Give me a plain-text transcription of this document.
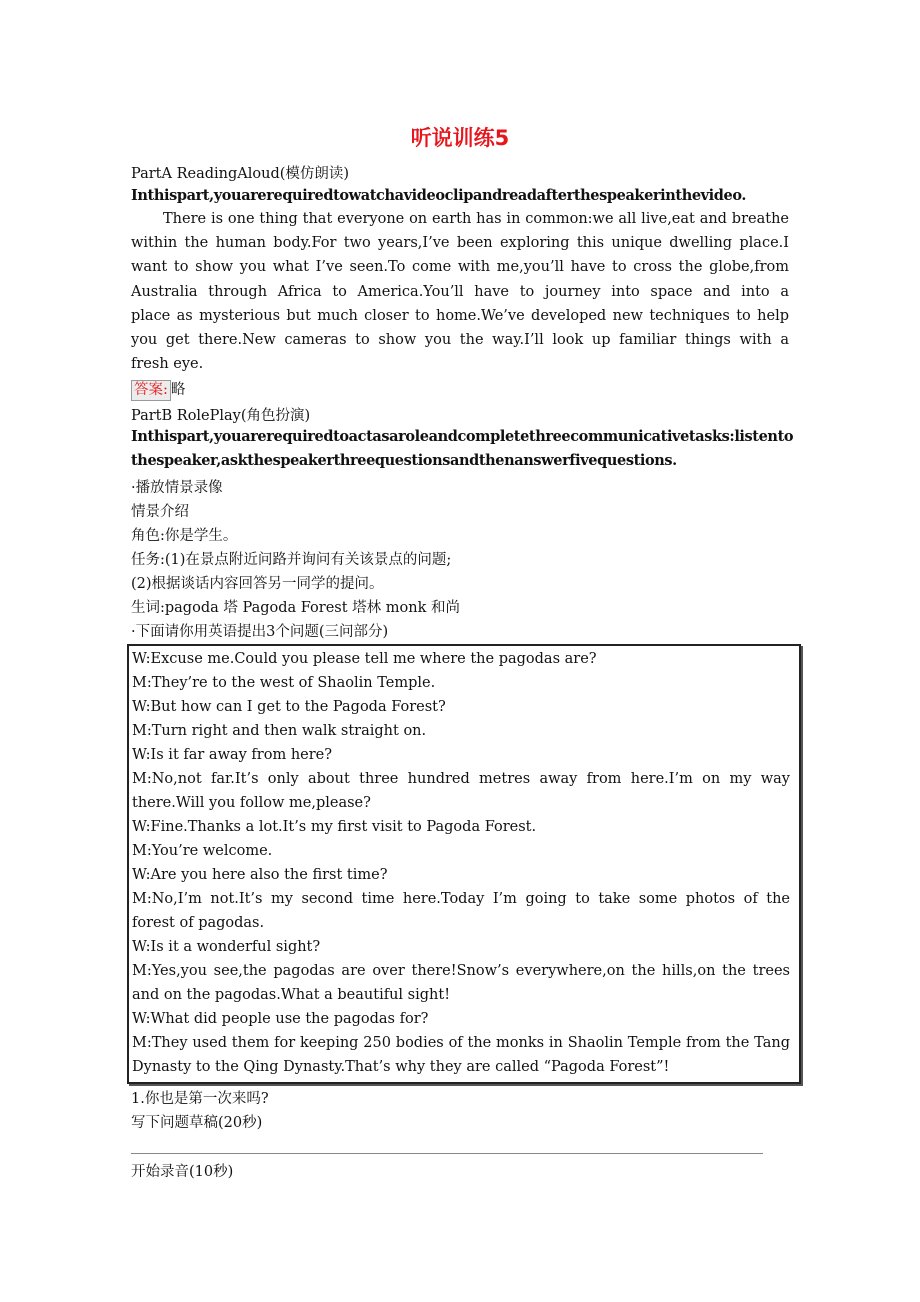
听说训练5
PartA ReadingAloud(模仿朗读)
Inthispart,youarerequiredtowatchavideoclipandreadafterthespeakerinthevideo.
There is one thing that everyone on earth has in common:we all live,eat and breathe
within the human body.For two years,I’ve been exploring this unique dwelling place.I
want to show you what I’ve seen.To come with me,you’ll have to cross the globe,from
Australia through Africa to America.You’ll have to journey into space and into a
place as mysterious but much closer to home.We’ve developed new techniques to help
you get there.New cameras to show you the way.I’ll look up familiar things with a
fresh eye.
答案: 略
PartB RolePlay(角色扮演)
Inthispart,youarerequiredtoactasaroleandcompletethreecommunicativetasks:listento
thespeaker,askthespeakerthreequestionsandthenanswerfivequestions.
·播放情景录像
情景介绍
角色:你是学生。
任务:(1)在景点附近问路并询问有关该景点的问题;
(2)根据谈话内容回答另一同学的提问。
生词:pagoda 塔 Pagoda Forest 塔林 monk 和尚
·下面请你用英语提出3个问题(三问部分)
W:Excuse me.Could you please tell me where the pagodas are?
M:They’re to the west of Shaolin Temple.
W:But how can I get to the Pagoda Forest?
M:Turn right and then walk straight on.
W:Is it far away from here?
M:No,not far.It’s only about three hundred metres away from here.I’m on my way
there.Will you follow me,please?
W:Fine.Thanks a lot.It’s my first visit to Pagoda Forest.
M:You’re welcome.
W:Are you here also the first time?
M:No,I’m not.It’s my second time here.Today I’m going to take some photos of the
forest of pagodas.
W:Is it a wonderful sight?
M:Yes,you see,the pagodas are over there!Snow’s everywhere,on the hills,on the trees
and on the pagodas.What a beautiful sight!
W:What did people use the pagodas for?
M:They used them for keeping 250 bodies of the monks in Shaolin Temple from the Tang
Dynasty to the Qing Dynasty.That’s why they are called “Pagoda Forest”!
1.你也是第一次来吗?
写下问题草稿(20秒)
开始录音(10秒)
